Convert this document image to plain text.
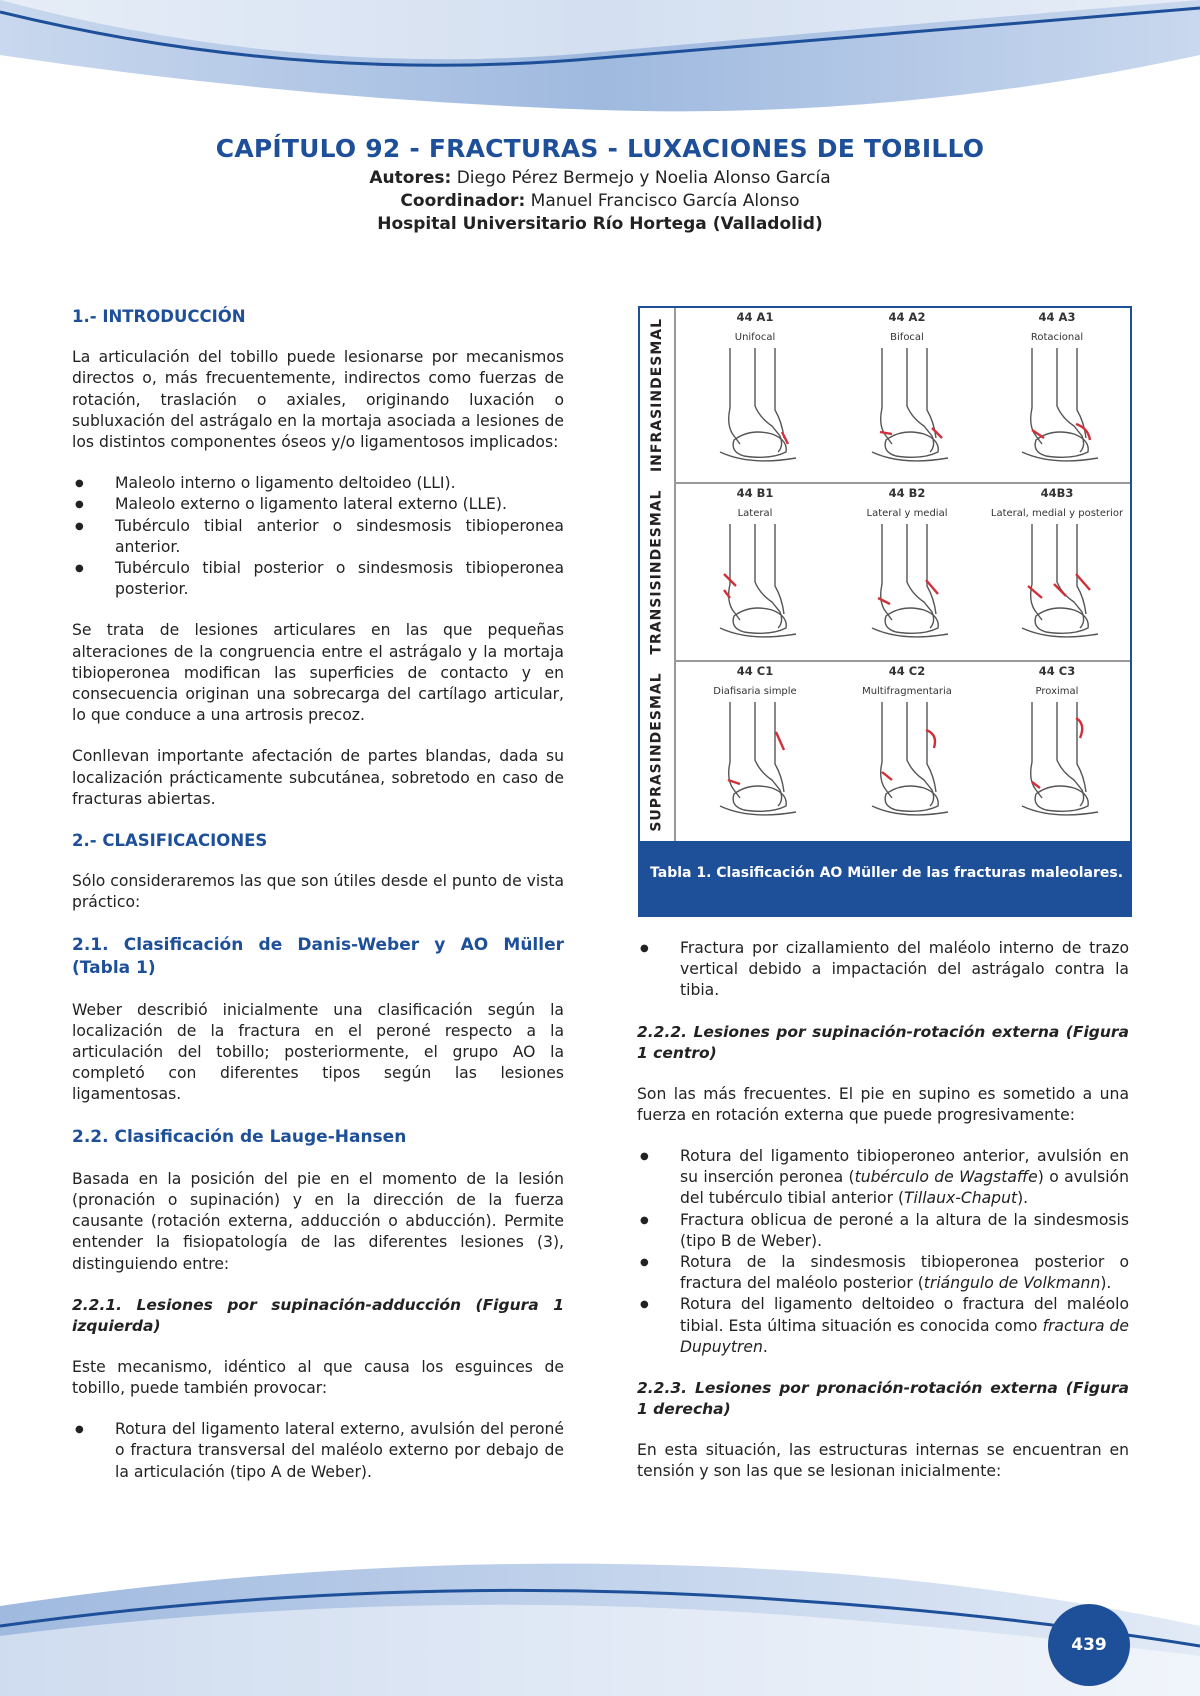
CAPÍTULO 92 - FRACTURAS - LUXACIONES DE TOBILLO
Autores: Diego Pérez Bermejo y Noelia Alonso García
Coordinador: Manuel Francisco García Alonso
Hospital Universitario Río Hortega (Valladolid)
1.- INTRODUCCIÓN

La articulación del tobillo puede lesionarse por mecanismos directos o, más frecuentemente, indirectos como fuerzas de rotación, traslación o axiales, originando luxación o subluxación del astrágalo en la mortaja asociada a lesiones de los distintos componentes óseos y/o ligamentosos implicados:

● Maleolo interno o ligamento deltoideo (LLI).
● Maleolo externo o ligamento lateral externo (LLE).
● Tubérculo tibial anterior o sindesmosis tibioperonea anterior.
● Tubérculo tibial posterior o sindesmosis tibioperonea posterior.

Se trata de lesiones articulares en las que pequeñas alteraciones de la congruencia entre el astrágalo y la mortaja tibioperonea modifican las superficies de contacto y en consecuencia originan una sobrecarga del cartílago articular, lo que conduce a una artrosis precoz.

Conllevan importante afectación de partes blandas, dada su localización prácticamente subcutánea, sobretodo en caso de fracturas abiertas.

2.- CLASIFICACIONES

Sólo consideraremos las que son útiles desde el punto de vista práctico:

2.1. Clasificación de Danis-Weber y AO Müller (Tabla 1)

Weber describió inicialmente una clasificación según la localización de la fractura en el peroné respecto a la articulación del tobillo; posteriormente, el grupo AO la completó con diferentes tipos según las lesiones ligamentosas.

2.2. Clasificación de Lauge-Hansen

Basada en la posición del pie en el momento de la lesión (pronación o supinación) y en la dirección de la fuerza causante (rotación externa, adducción o abducción). Permite entender la fisiopatología de las diferentes lesiones (3), distinguiendo entre:

2.2.1. Lesiones por supinación-adducción (Figura 1 izquierda)

Este mecanismo, idéntico al que causa los esguinces de tobillo, puede también provocar:

● Rotura del ligamento lateral externo, avulsión del peroné o fractura transversal del maléolo externo por debajo de la articulación (tipo A de Weber).
INFRASINDESMAL
44 A1
Unifocal
44 A2
Bifocal
44 A3
Rotacional
TRANSISINDESMAL	44 B1
Lateral
44 B2
Lateral y medial
44B3
Lateral, medial y posterior
SUPRASINDESMAL
44 C1
Diafisaria simple
44 C2
Multifragmentaria
44 C3
Proximal
Tabla 1. Clasificación AO Müller de las fracturas maleolares.
● Fractura por cizallamiento del maléolo interno de trazo vertical debido a impactación del astrágalo contra la tibia.
2.2.2. Lesiones por supinación-rotación externa (Figura 1 centro)

Son las más frecuentes. El pie en supino es sometido a una fuerza en rotación externa que puede progresivamente:

● Rotura del ligamento tibioperoneo anterior, avulsión en su inserción peronea (tubérculo de Wagstaffe) o avulsión del tubérculo tibial anterior (Tillaux-Chaput).
● Fractura oblicua de peroné a la altura de la sindesmosis (tipo B de Weber).
● Rotura de la sindesmosis tibioperonea posterior o fractura del maléolo posterior (triángulo de Volkmann).
● Rotura del ligamento deltoideo o fractura del maléolo tibial. Esta última situación es conocida como fractura de Dupuytren.
2.2.3. Lesiones por pronación-rotación externa (Figura 1 derecha)

En esta situación, las estructuras internas se encuentran en tensión y son las que se lesionan inicialmente:

439
